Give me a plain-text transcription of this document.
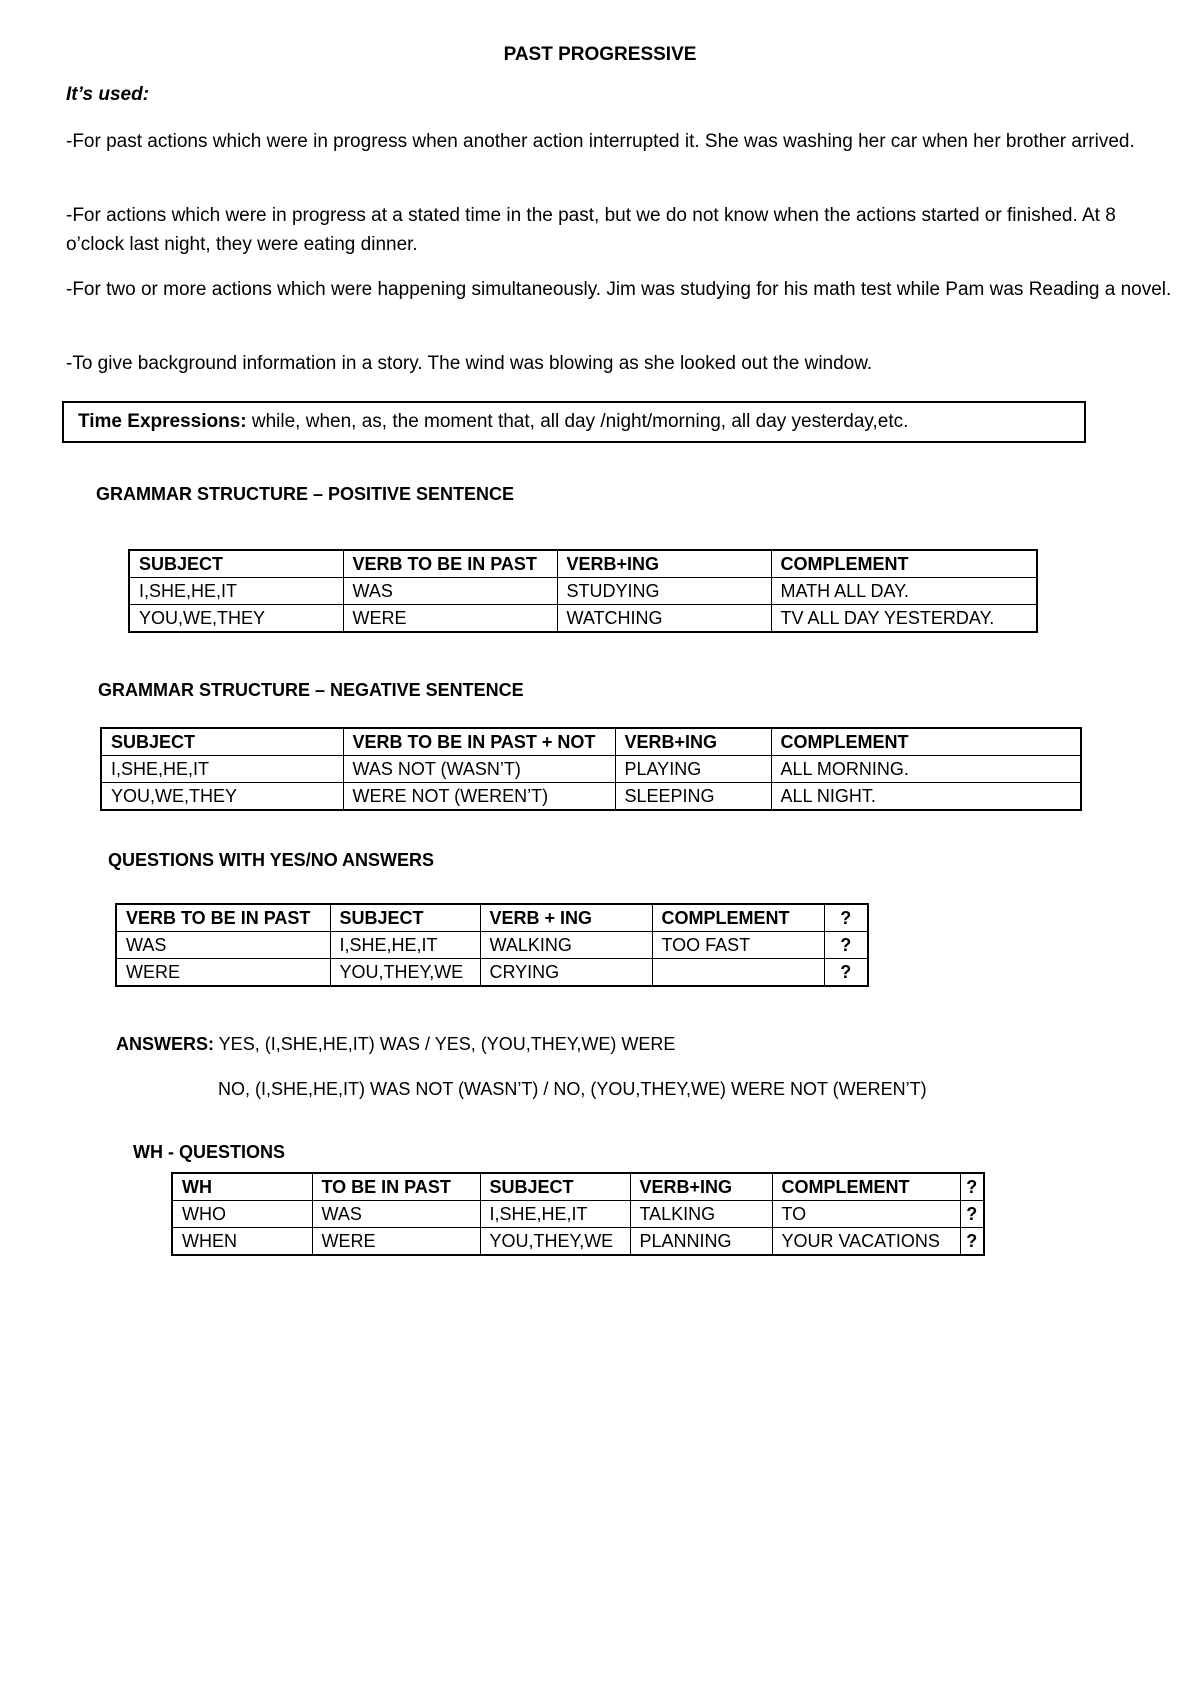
PAST PROGRESSIVE
It’s used:
-For past actions which were in progress when another action interrupted it. She was washing her car when her brother arrived.
-For actions which were in progress at a stated time in the past, but we do not know when the actions started or finished. At 8 o’clock last night, they were eating dinner.
-For two or more actions which were happening simultaneously. Jim was studying for his math test while Pam was Reading a novel.
-To give background information in a story. The wind was blowing as she looked out the window.
Time Expressions: while, when, as, the moment that, all day /night/morning, all day yesterday,etc.
GRAMMAR STRUCTURE – POSITIVE SENTENCE
SUBJECT	VERB TO BE IN PAST	VERB+ING	COMPLEMENT
I,SHE,HE,IT	WAS	STUDYING	MATH ALL DAY.
YOU,WE,THEY	WERE	WATCHING	TV ALL DAY YESTERDAY.
GRAMMAR STRUCTURE – NEGATIVE SENTENCE
SUBJECT	VERB TO BE IN PAST + NOT	VERB+ING	COMPLEMENT
I,SHE,HE,IT	WAS NOT (WASN’T)	PLAYING	ALL MORNING.
YOU,WE,THEY	WERE NOT (WEREN’T)	SLEEPING	ALL NIGHT.
QUESTIONS WITH YES/NO ANSWERS
VERB TO BE IN PAST	SUBJECT	VERB + ING	COMPLEMENT	?
WAS	I,SHE,HE,IT	WALKING	TOO FAST	?
WERE	YOU,THEY,WE	CRYING		?
ANSWERS: YES, (I,SHE,HE,IT) WAS / YES, (YOU,THEY,WE) WERE
NO, (I,SHE,HE,IT) WAS NOT (WASN’T) / NO, (YOU,THEY,WE) WERE NOT (WEREN’T)
WH - QUESTIONS
WH	TO BE IN PAST	SUBJECT	VERB+ING	COMPLEMENT	?
WHO	WAS	I,SHE,HE,IT	TALKING	TO	?
WHEN	WERE	YOU,THEY,WE	PLANNING	YOUR VACATIONS	?
